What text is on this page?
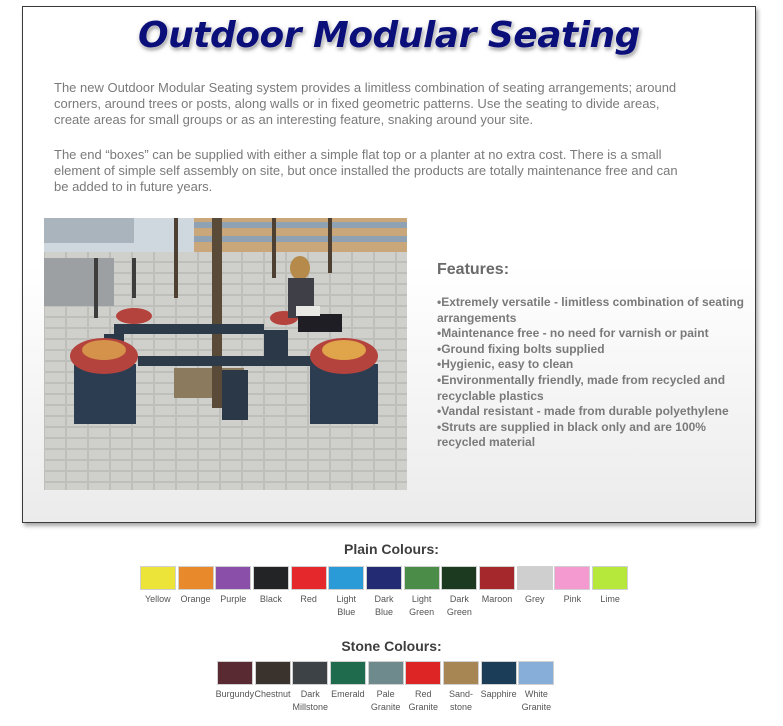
Outdoor Modular Seating

The new Outdoor Modular Seating system provides a limitless combination of seating arrangements; around corners, around trees or posts, along walls or in fixed geometric patterns. Use the seating to divide areas, create areas for small groups or as an interesting feature, snaking around your site.

The end “boxes” can be supplied with either a simple flat top or a planter at no extra cost. There is a small element of simple self assembly on site, but once installed the products are totally maintenance free and can be added to in future years.

Features:
• Extremely versatile - limitless combination of seating arrangements
• Maintenance free - no need for varnish or paint
• Ground fixing bolts supplied
• Hygienic, easy to clean
• Environmentally friendly, made from recycled and recyclable plastics
• Vandal resistant - made from durable polyethylene
• Struts are supplied in black only and are 100% recycled material
Plain Colours:
Yellow Orange Purple Black Red Light
Blue
Dark
Blue
Light
Green
Dark
Green
Maroon Grey Pink Lime
Stone Colours:
Burgundy Chestnut	Dark
Millstone
Emerald	Pale
Granite
Red
Granite
Sand-
stone
Sapphire White
Granite
